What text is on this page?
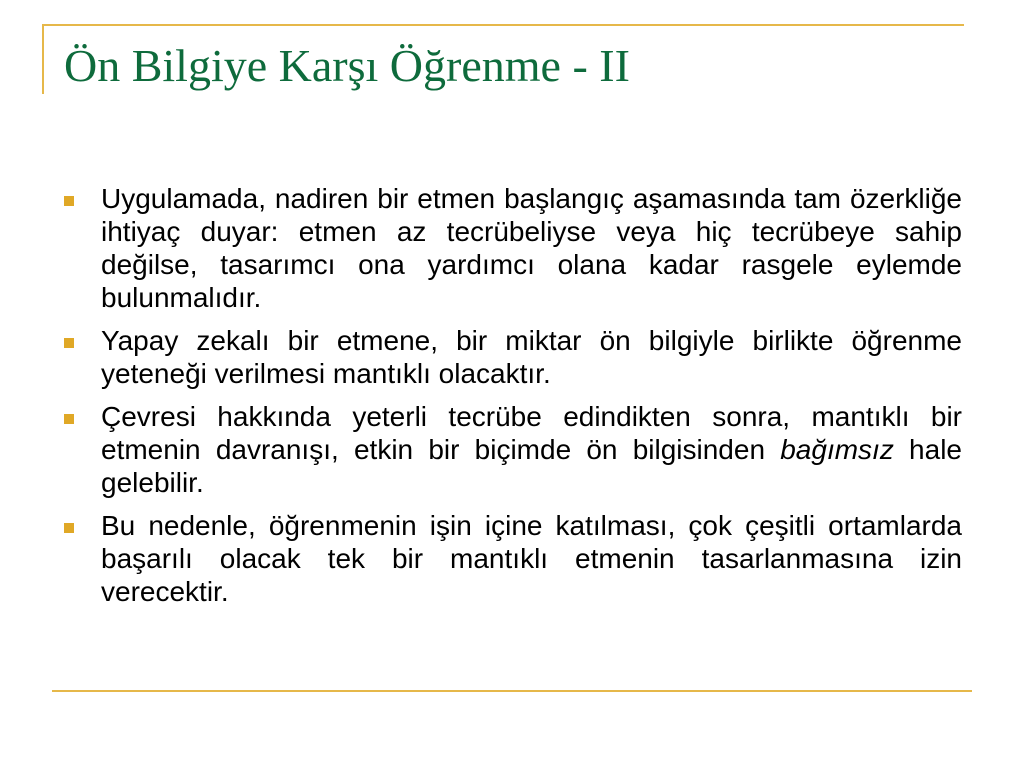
Ön Bilgiye Karşı Öğrenme - II
Uygulamada, nadiren bir etmen başlangıç aşamasında tam özerkliğe ihtiyaç duyar: etmen az tecrübeliyse veya hiç tecrübeye sahip değilse, tasarımcı ona yardımcı olana kadar rasgele eylemde bulunmalıdır.
Yapay zekalı bir etmene, bir miktar ön bilgiyle birlikte öğrenme yeteneği verilmesi mantıklı olacaktır.
Çevresi hakkında yeterli tecrübe edindikten sonra, mantıklı bir etmenin davranışı, etkin bir biçimde ön bilgisinden bağımsız hale gelebilir.
Bu nedenle, öğrenmenin işin içine katılması, çok çeşitli ortamlarda başarılı olacak tek bir mantıklı etmenin tasarlanmasına izin verecektir.
